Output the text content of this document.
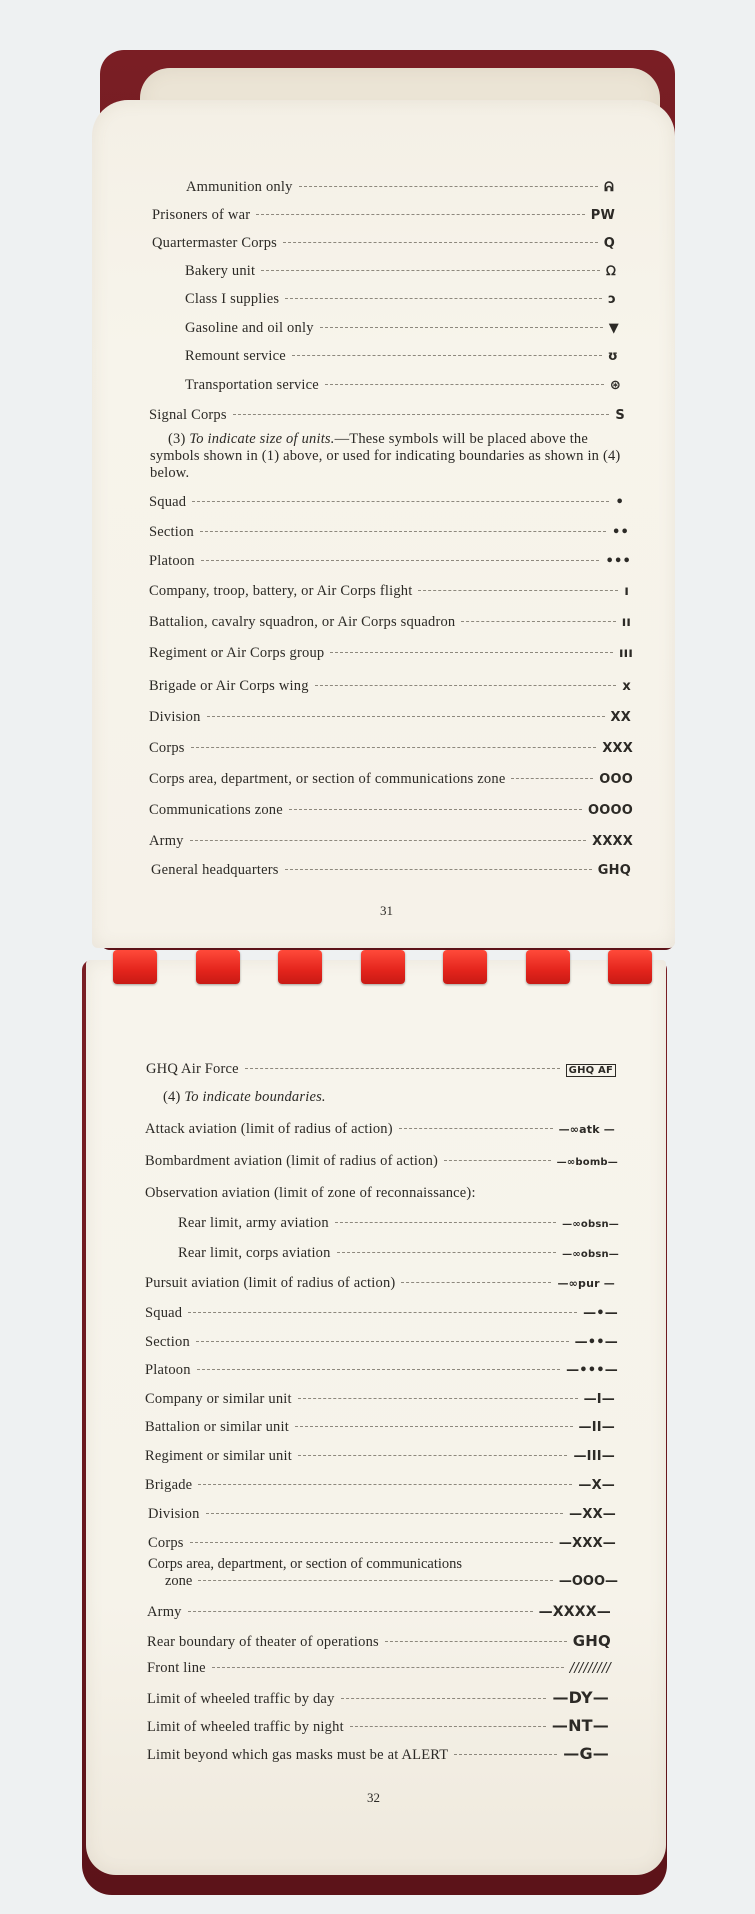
Ammunition only	ᕱ
Prisoners of war	PW
Quartermaster Corps	Q
Bakery unit	ᘯ
Class I supplies	ɔ
Gasoline and oil only	▼
Remount service	ʊ
Transportation service	⊛
Signal Corps	S
(3) To indicate size of units.—These symbols will be placed above the symbols shown in (1) above, or used for indicating boundaries as shown in (4) below.
Squad	•
Section	••
Platoon	•••
Company, troop, battery, or Air Corps flight	ı
Battalion, cavalry squadron, or Air Corps squadron	ıı
Regiment or Air Corps group	ııı
Brigade or Air Corps wing	x
Division	XX
Corps	XXX
Corps area, department, or section of communications zone	OOO
Communications zone	OOOO
Army	XXXX
General headquarters	GHQ
31
GHQ Air Force	GHQ AF
(4) To indicate boundaries.
Attack aviation (limit of radius of action)	—∞atk —
Bombardment aviation (limit of radius of action)	—∞bomb—
Observation aviation (limit of zone of reconnaissance):
Rear limit, army aviation	—∞obsn—
Rear limit, corps aviation	—∞obsn—
Pursuit aviation (limit of radius of action)	—∞pur —
Squad	—•—
Section	—••—
Platoon	—•••—
Company or similar unit	—I—
Battalion or similar unit	—II—
Regiment or similar unit	—III—
Brigade	—X—
Division	—XX—
Corps	—XXX—
Corps area, department, or section of communications
zone	—OOO—
Army	—XXXX—
Rear boundary of theater of operations	GHQ
Front line	/////////
Limit of wheeled traffic by day	—DY—
Limit of wheeled traffic by night	—NT—
Limit beyond which gas masks must be at ALERT	—G—
32
